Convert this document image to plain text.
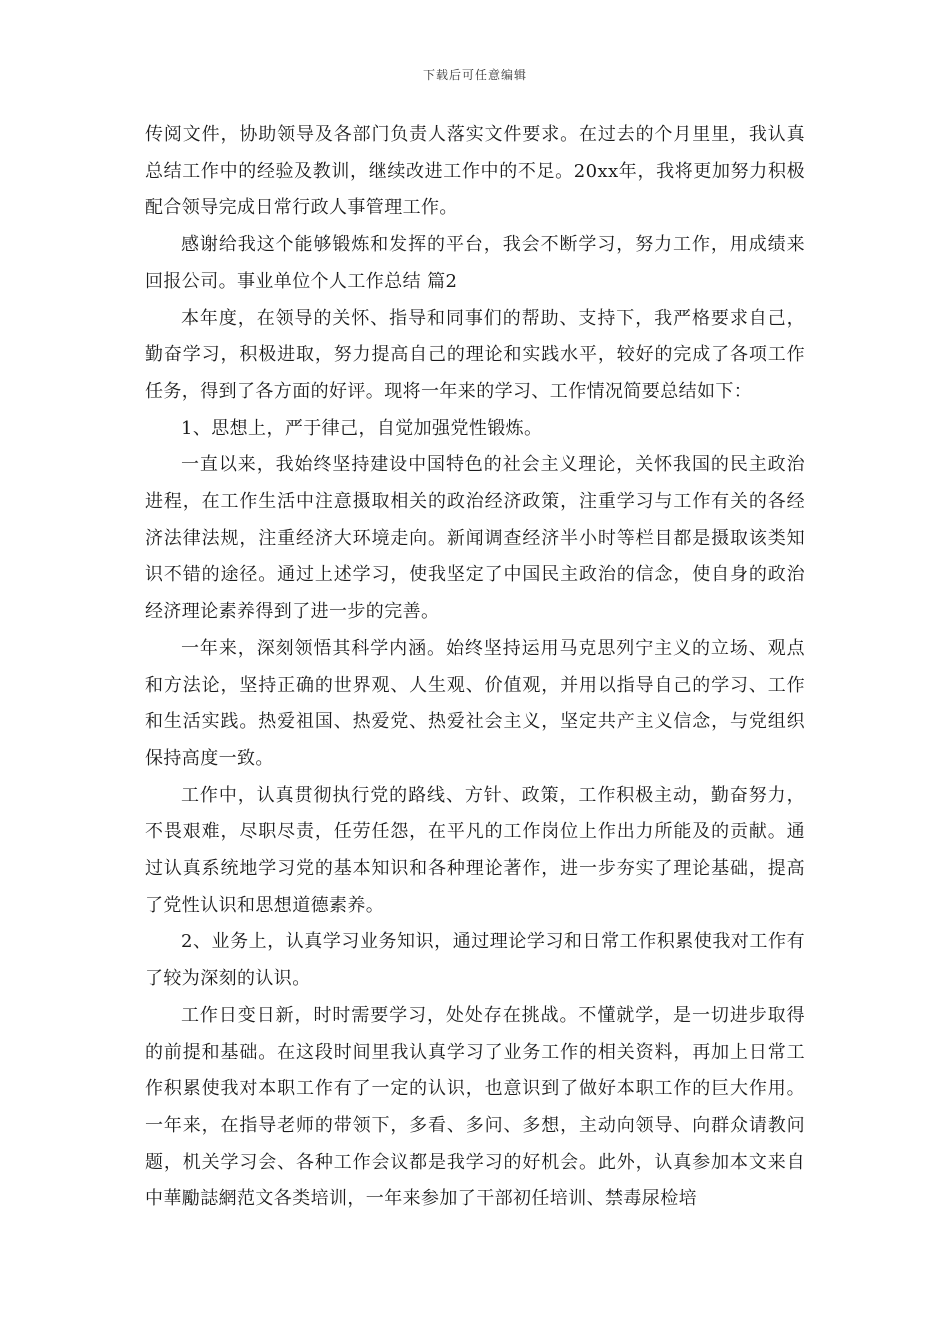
下载后可任意编辑

传阅文件，协助领导及各部门负责人落实文件要求。在过去的个月里里，我认真总结工作中的经验及教训，继续改进工作中的不足。20xx年，我将更加努力积极配合领导完成日常行政人事管理工作。

感谢给我这个能够锻炼和发挥的平台，我会不断学习，努力工作，用成绩来回报公司。事业单位个人工作总结 篇2

本年度，在领导的关怀、指导和同事们的帮助、支持下，我严格要求自己，勤奋学习，积极进取，努力提高自己的理论和实践水平，较好的完成了各项工作任务，得到了各方面的好评。现将一年来的学习、工作情况简要总结如下：

1、思想上，严于律己，自觉加强党性锻炼。

一直以来，我始终坚持建设中国特色的社会主义理论，关怀我国的民主政治进程，在工作生活中注意摄取相关的政治经济政策，注重学习与工作有关的各经济法律法规，注重经济大环境走向。新闻调查经济半小时等栏目都是摄取该类知识不错的途径。通过上述学习，使我坚定了中国民主政治的信念，使自身的政治经济理论素养得到了进一步的完善。

一年来，深刻领悟其科学内涵。始终坚持运用马克思列宁主义的立场、观点和方法论，坚持正确的世界观、人生观、价值观，并用以指导自己的学习、工作和生活实践。热爱祖国、热爱党、热爱社会主义，坚定共产主义信念，与党组织保持高度一致。

工作中，认真贯彻执行党的路线、方针、政策，工作积极主动，勤奋努力，不畏艰难，尽职尽责，任劳任怨，在平凡的工作岗位上作出力所能及的贡献。通过认真系统地学习党的基本知识和各种理论著作，进一步夯实了理论基础，提高了党性认识和思想道德素养。

2、业务上，认真学习业务知识，通过理论学习和日常工作积累使我对工作有了较为深刻的认识。

工作日变日新，时时需要学习，处处存在挑战。不懂就学，是一切进步取得的前提和基础。在这段时间里我认真学习了业务工作的相关资料，再加上日常工作积累使我对本职工作有了一定的认识，也意识到了做好本职工作的巨大作用。一年来，在指导老师的带领下，多看、多问、多想，主动向领导、向群众请教问题，机关学习会、各种工作会议都是我学习的好机会。此外，认真参加本文来自中華勵誌網范文各类培训，一年来参加了干部初任培训、禁毒尿检培
